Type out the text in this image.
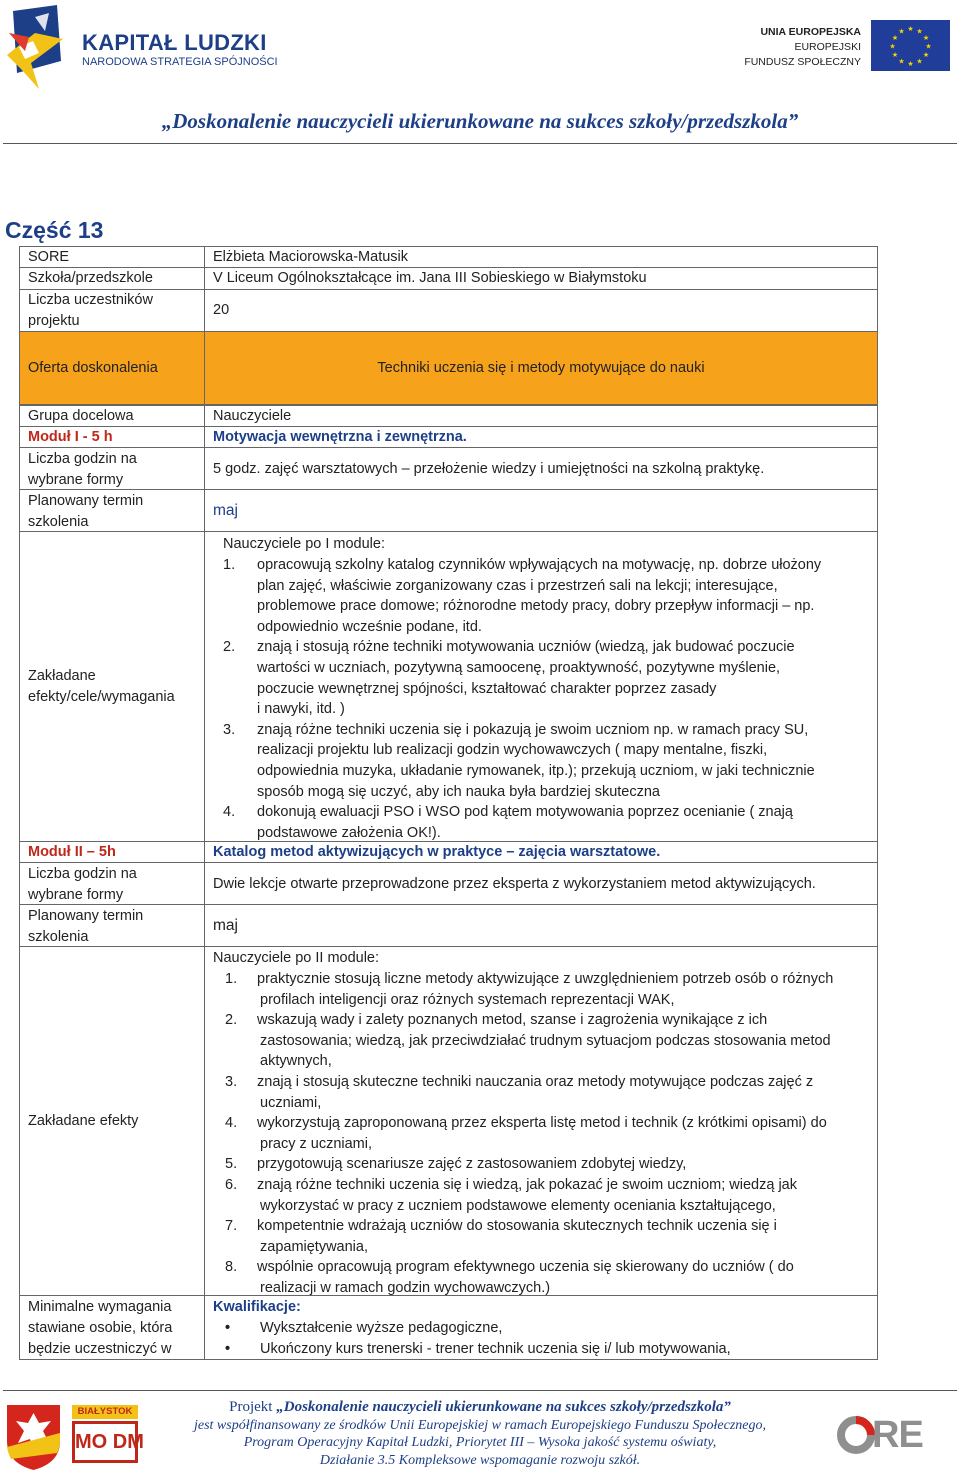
KAPITAŁ LUDZKI
NARODOWA STRATEGIA SPÓJNOŚCI
UNIA EUROPEJSKA
EUROPEJSKI
FUNDUSZ SPOŁECZNY
★ ★
★
★
★
★
★
★
★
★
★
★
„Doskonalenie nauczycieli ukierunkowane na sukces szkoły/przedszkola”
Część 13
SORE
Szkoła/przedszkole
Liczba uczestników
projektu
Elżbieta Maciorowska-Matusik
V Liceum Ogólnokształcące im. Jana III Sobieskiego w Białymstoku
20
Oferta doskonalenia	Techniki uczenia się i metody motywujące do nauki
Grupa docelowa
Moduł I - 5 h
Liczba godzin na
wybrane formy
Planowany termin
szkolenia
Zakładane
efekty/cele/wymagania
Moduł II – 5h
Liczba godzin na
wybrane formy
Planowany termin
szkolenia
Zakładane efekty
Minimalne wymagania
stawiane osobie, która
będzie uczestniczyć w
Nauczyciele
Motywacja wewnętrzna i zewnętrzna.
5 godz. zajęć warsztatowych – przełożenie wiedzy i umiejętności na szkolną praktykę.
maj
Nauczyciele po I module:
1. opracowują szkolny katalog czynników wpływających na motywację, np. dobrze ułożony
plan zajęć, właściwie zorganizowany czas i przestrzeń sali na lekcji; interesujące,
problemowe prace domowe; różnorodne metody pracy, dobry przepływ informacji – np.
odpowiednio wcześnie podane, itd.
2. znają i stosują różne techniki motywowania uczniów (wiedzą, jak budować poczucie
wartości w uczniach, pozytywną samoocenę, proaktywność, pozytywne myślenie,
poczucie wewnętrznej spójności, kształtować charakter poprzez zasady
i nawyki, itd. )
3. znają różne techniki uczenia się i pokazują je swoim uczniom np. w ramach pracy SU,
realizacji projektu lub realizacji godzin wychowawczych ( mapy mentalne, fiszki,
odpowiednia muzyka, układanie rymowanek, itp.); przekują uczniom, w jaki technicznie
sposób mogą się uczyć, aby ich nauka była bardziej skuteczna
4. dokonują ewaluacji PSO i WSO pod kątem motywowania poprzez ocenianie ( znają
podstawowe założenia OK!).
Katalog metod aktywizujących w praktyce – zajęcia warsztatowe.
Dwie lekcje otwarte przeprowadzone przez eksperta z wykorzystaniem metod aktywizujących.
maj
Nauczyciele po II module:
1. praktycznie stosują liczne metody aktywizujące z uwzględnieniem potrzeb osób o różnych
profilach inteligencji oraz różnych systemach reprezentacji WAK,
2. wskazują wady i zalety poznanych metod, szanse i zagrożenia wynikające z ich
zastosowania; wiedzą, jak przeciwdziałać trudnym sytuacjom podczas stosowania metod
aktywnych,
3. znają i stosują skuteczne techniki nauczania oraz metody motywujące podczas zajęć z
uczniami,
4. wykorzystują zaproponowaną przez eksperta listę metod i technik (z krótkimi opisami) do
pracy z uczniami,
5. przygotowują scenariusze zajęć z zastosowaniem zdobytej wiedzy,
6. znają różne techniki uczenia się i wiedzą, jak pokazać je swoim uczniom; wiedzą jak
wykorzystać w pracy z uczniem podstawowe elementy oceniania kształtującego,
7. kompetentnie wdrażają uczniów do stosowania skutecznych technik uczenia się i
zapamiętywania,
8. wspólnie opracowują program efektywnego uczenia się skierowany do uczniów ( do
realizacji w ramach godzin wychowawczych.)
Kwalifikacje:
• Wykształcenie wyższe pedagogiczne,
• Ukończony kurs trenerski - trener technik uczenia się i/ lub motywowania,
BIAŁYSTOK
MO DM
Projekt „Doskonalenie nauczycieli ukierunkowane na sukces szkoły/przedszkola”
jest współfinansowany ze środków Unii Europejskiej w ramach Europejskiego Funduszu Społecznego,
Program Operacyjny Kapitał Ludzki, Priorytet III – Wysoka jakość systemu oświaty,
Działanie 3.5 Kompleksowe wspomaganie rozwoju szkół.
RE
